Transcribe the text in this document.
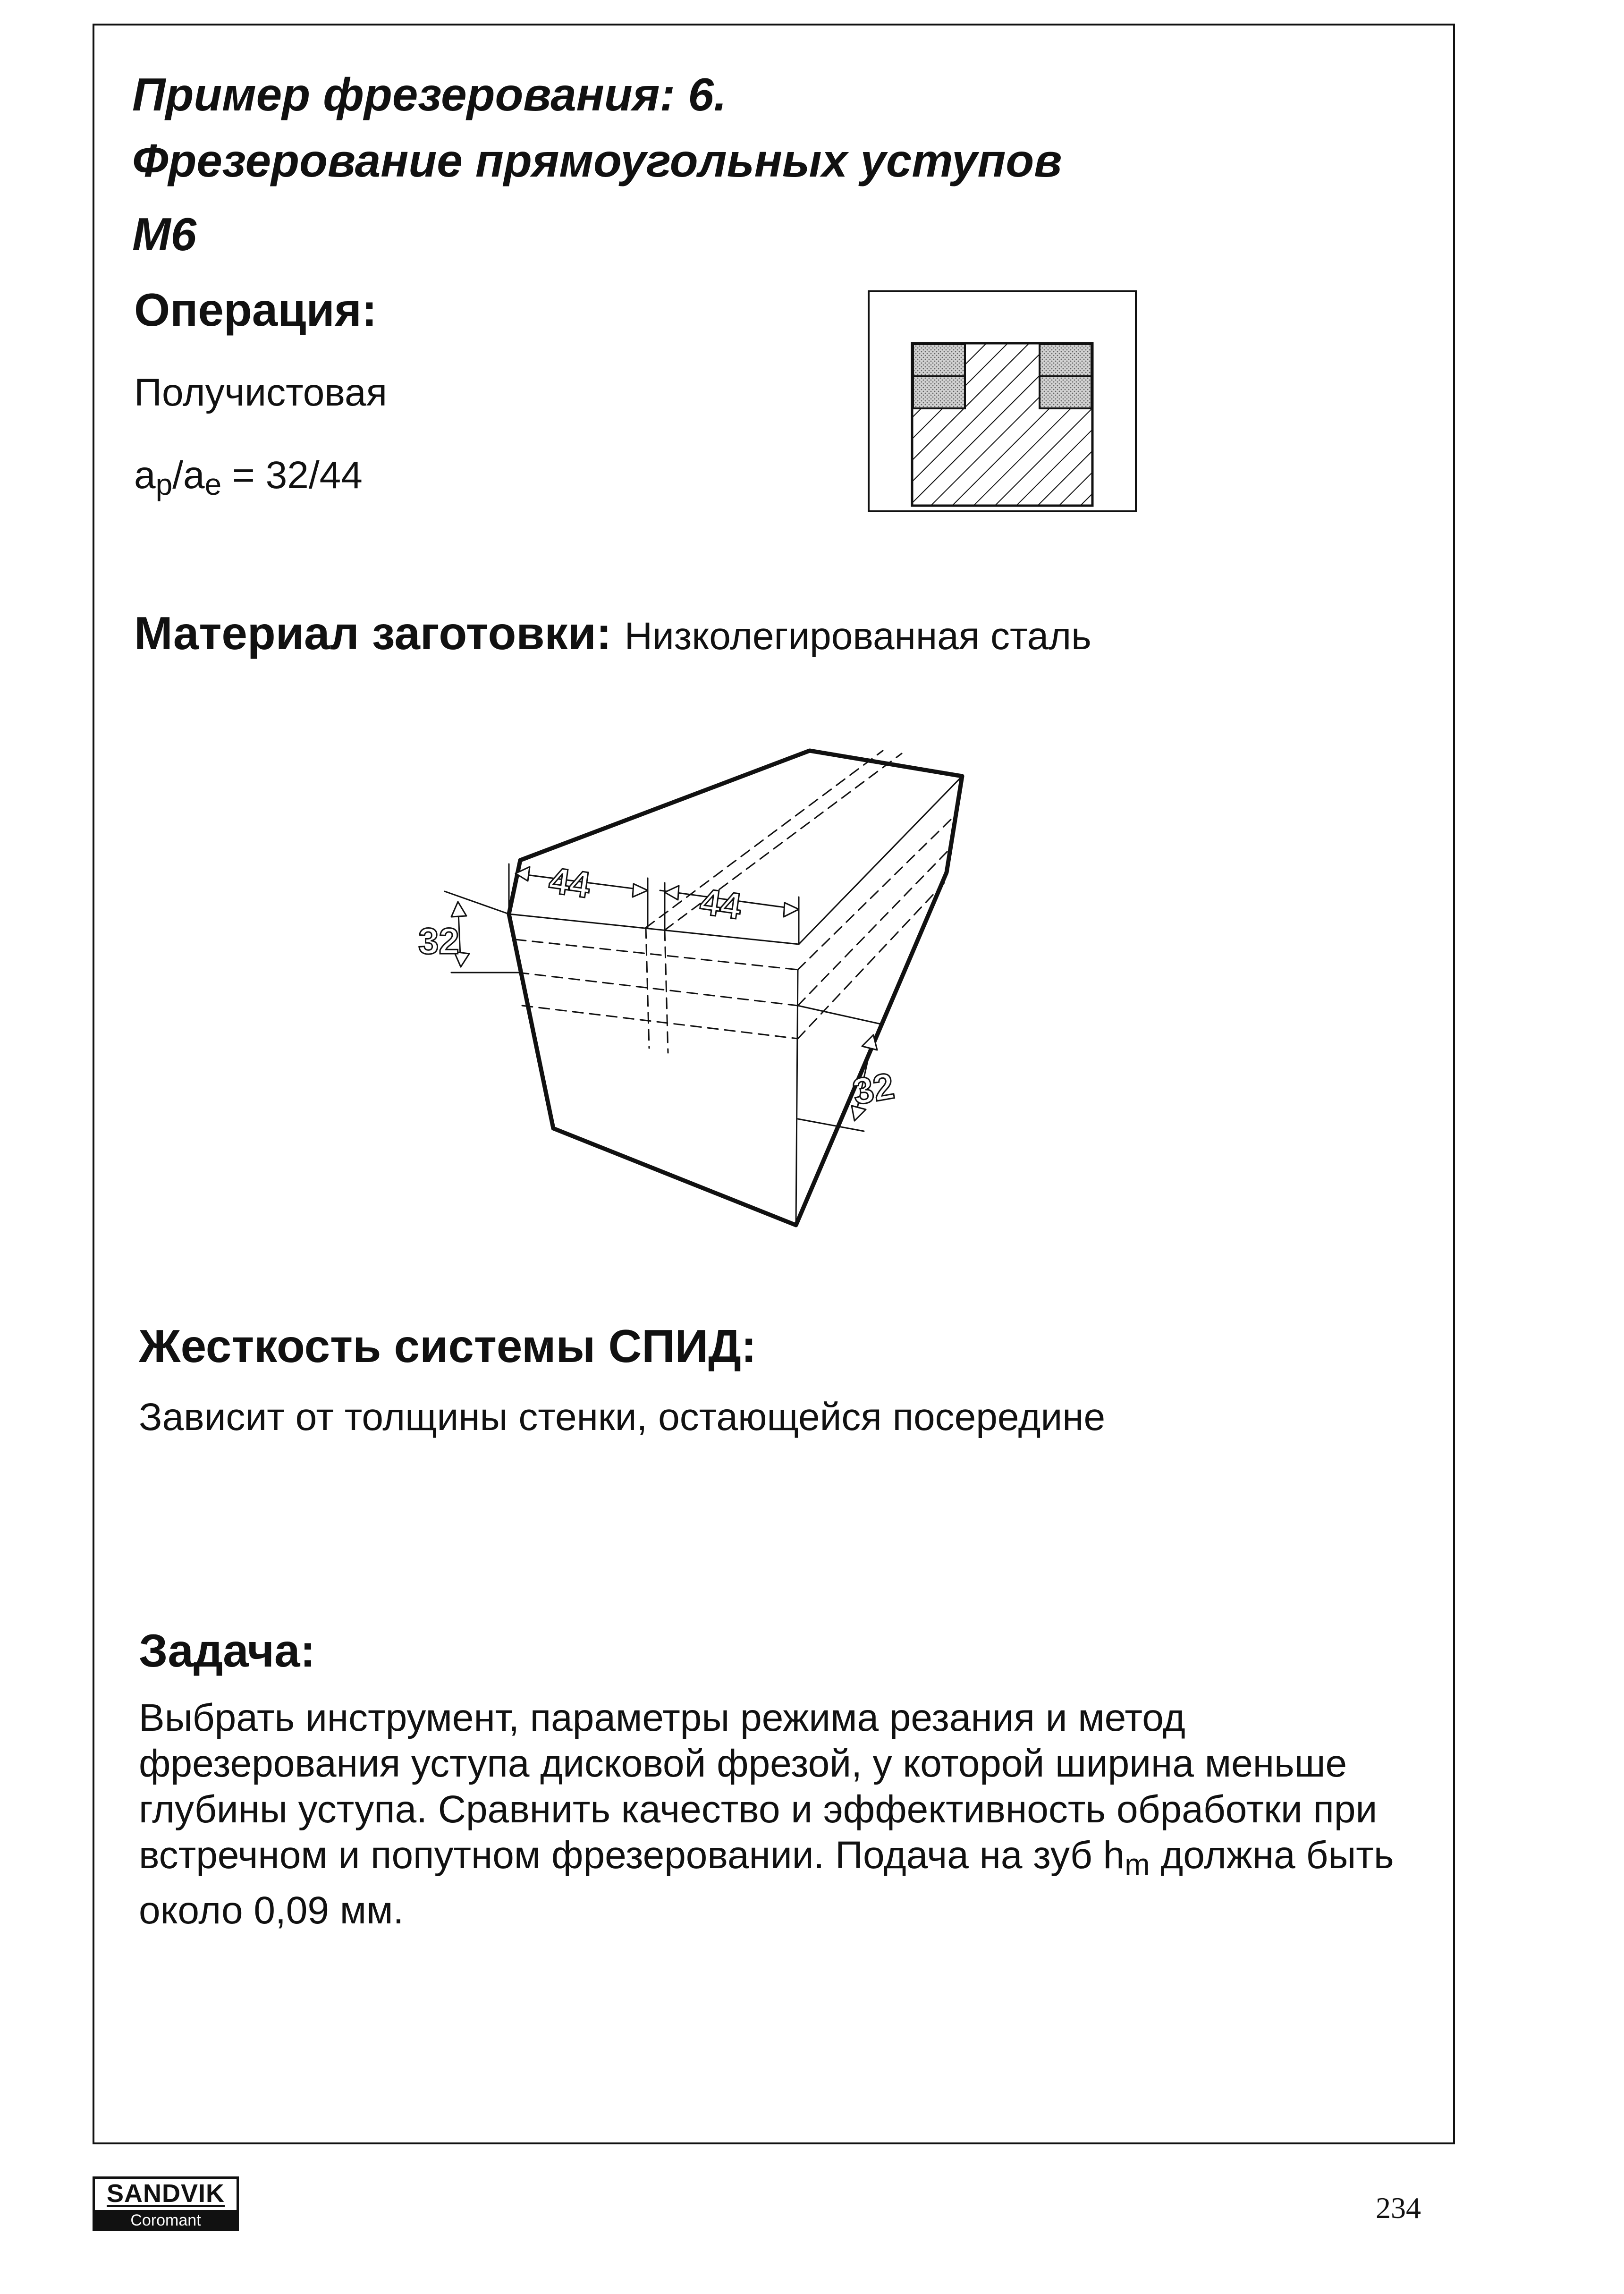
Пример фрезерования: 6.
Фрезерование прямоугольных уступов

M6

Операция:

Получистовая

$a_p/a_e = 32/44$

Материал заготовки: Низколегированная сталь

44	44
32
32
Жесткость системы СПИД:

Зависит от толщины стенки, остающейся посередине

Задача:

Выбрать инструмент, параметры режима резания и метод фрезерования уступа дисковой фрезой, у которой ширина меньше глубины уступа. Сравнить качество и эффективность обработки при встречном и попутном фрезеровании. Подача на зуб $h_m$ должна быть около 0,09 мм.

SANDVIK
Coromant	234
